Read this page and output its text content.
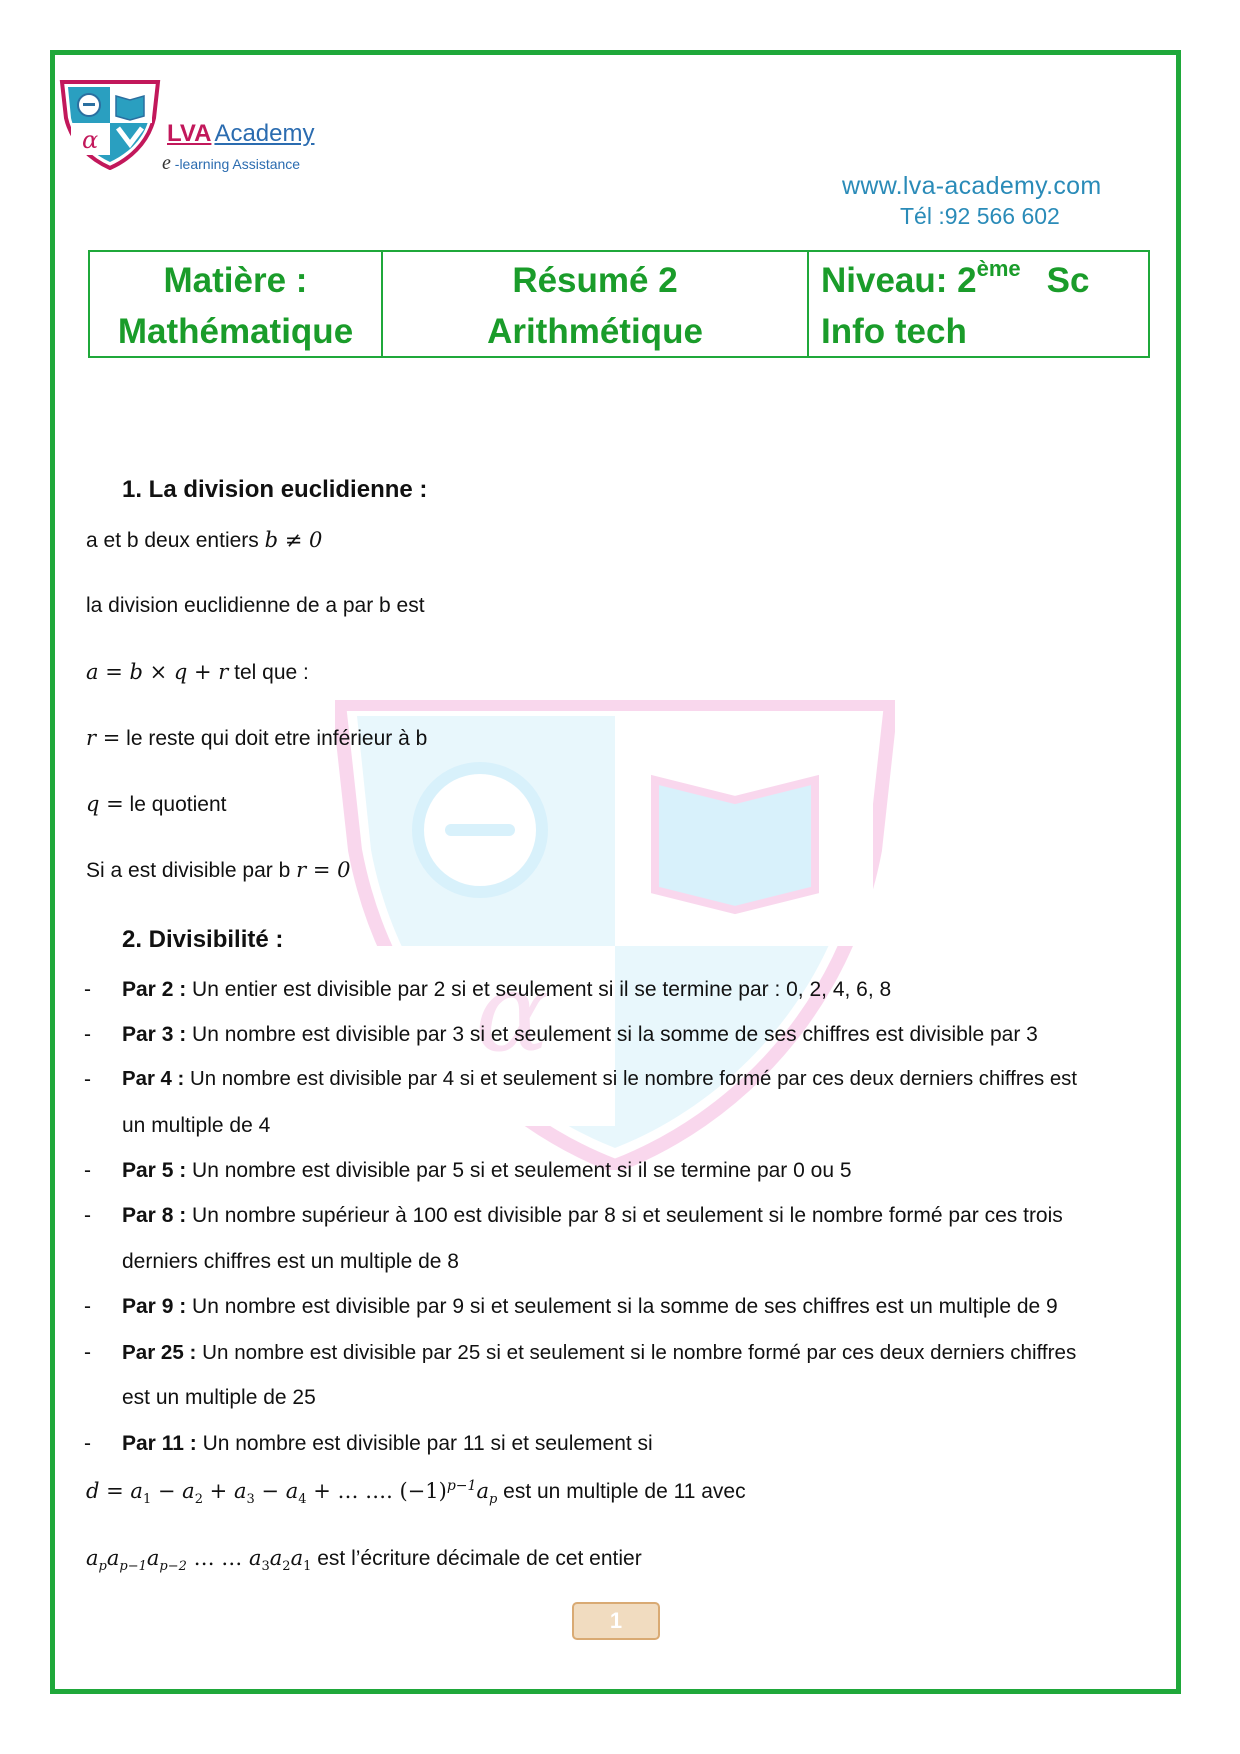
α	LVA Academy
e -learning Assistance
www.lva-academy.com
Tél :92 566 602
Matière :
Mathématique
Résumé 2
Arithmétique
Niveau: 2ème Sc
Info tech
α
1. La division euclidienne :
a et b deux entiers b ≠ 0
la division euclidienne de a par b est
a = b × q + r tel que :
r = le reste qui doit etre inférieur à b
q = le quotient
Si a est divisible par b r = 0
2. Divisibilité :
- Par 2 : Un entier est divisible par 2 si et seulement si il se termine par : 0, 2, 4, 6, 8
- Par 3 : Un nombre est divisible par 3 si et seulement si la somme de ses chiffres est divisible par 3
- Par 4 : Un nombre est divisible par 4 si et seulement si le nombre formé par ces deux derniers chiffres est
un multiple de 4
- Par 5 : Un nombre est divisible par 5 si et seulement si il se termine par 0 ou 5
- Par 8 : Un nombre supérieur à 100 est divisible par 8 si et seulement si le nombre formé par ces trois
derniers chiffres est un multiple de 8
- Par 9 : Un nombre est divisible par 9 si et seulement si la somme de ses chiffres est un multiple de 9
- Par 25 : Un nombre est divisible par 25 si et seulement si le nombre formé par ces deux derniers chiffres
est un multiple de 25
- Par 11 : Un nombre est divisible par 11 si et seulement si
$d = a_1 - a_2 + a_3 - a_4$ + … …. $(-1)^{p-1}a_p$ est un multiple de 11 avec
$a_pa_{p-1}a_{p-2}$ … … $a_3a_2a_1$ est l’écriture décimale de cet entier
1
